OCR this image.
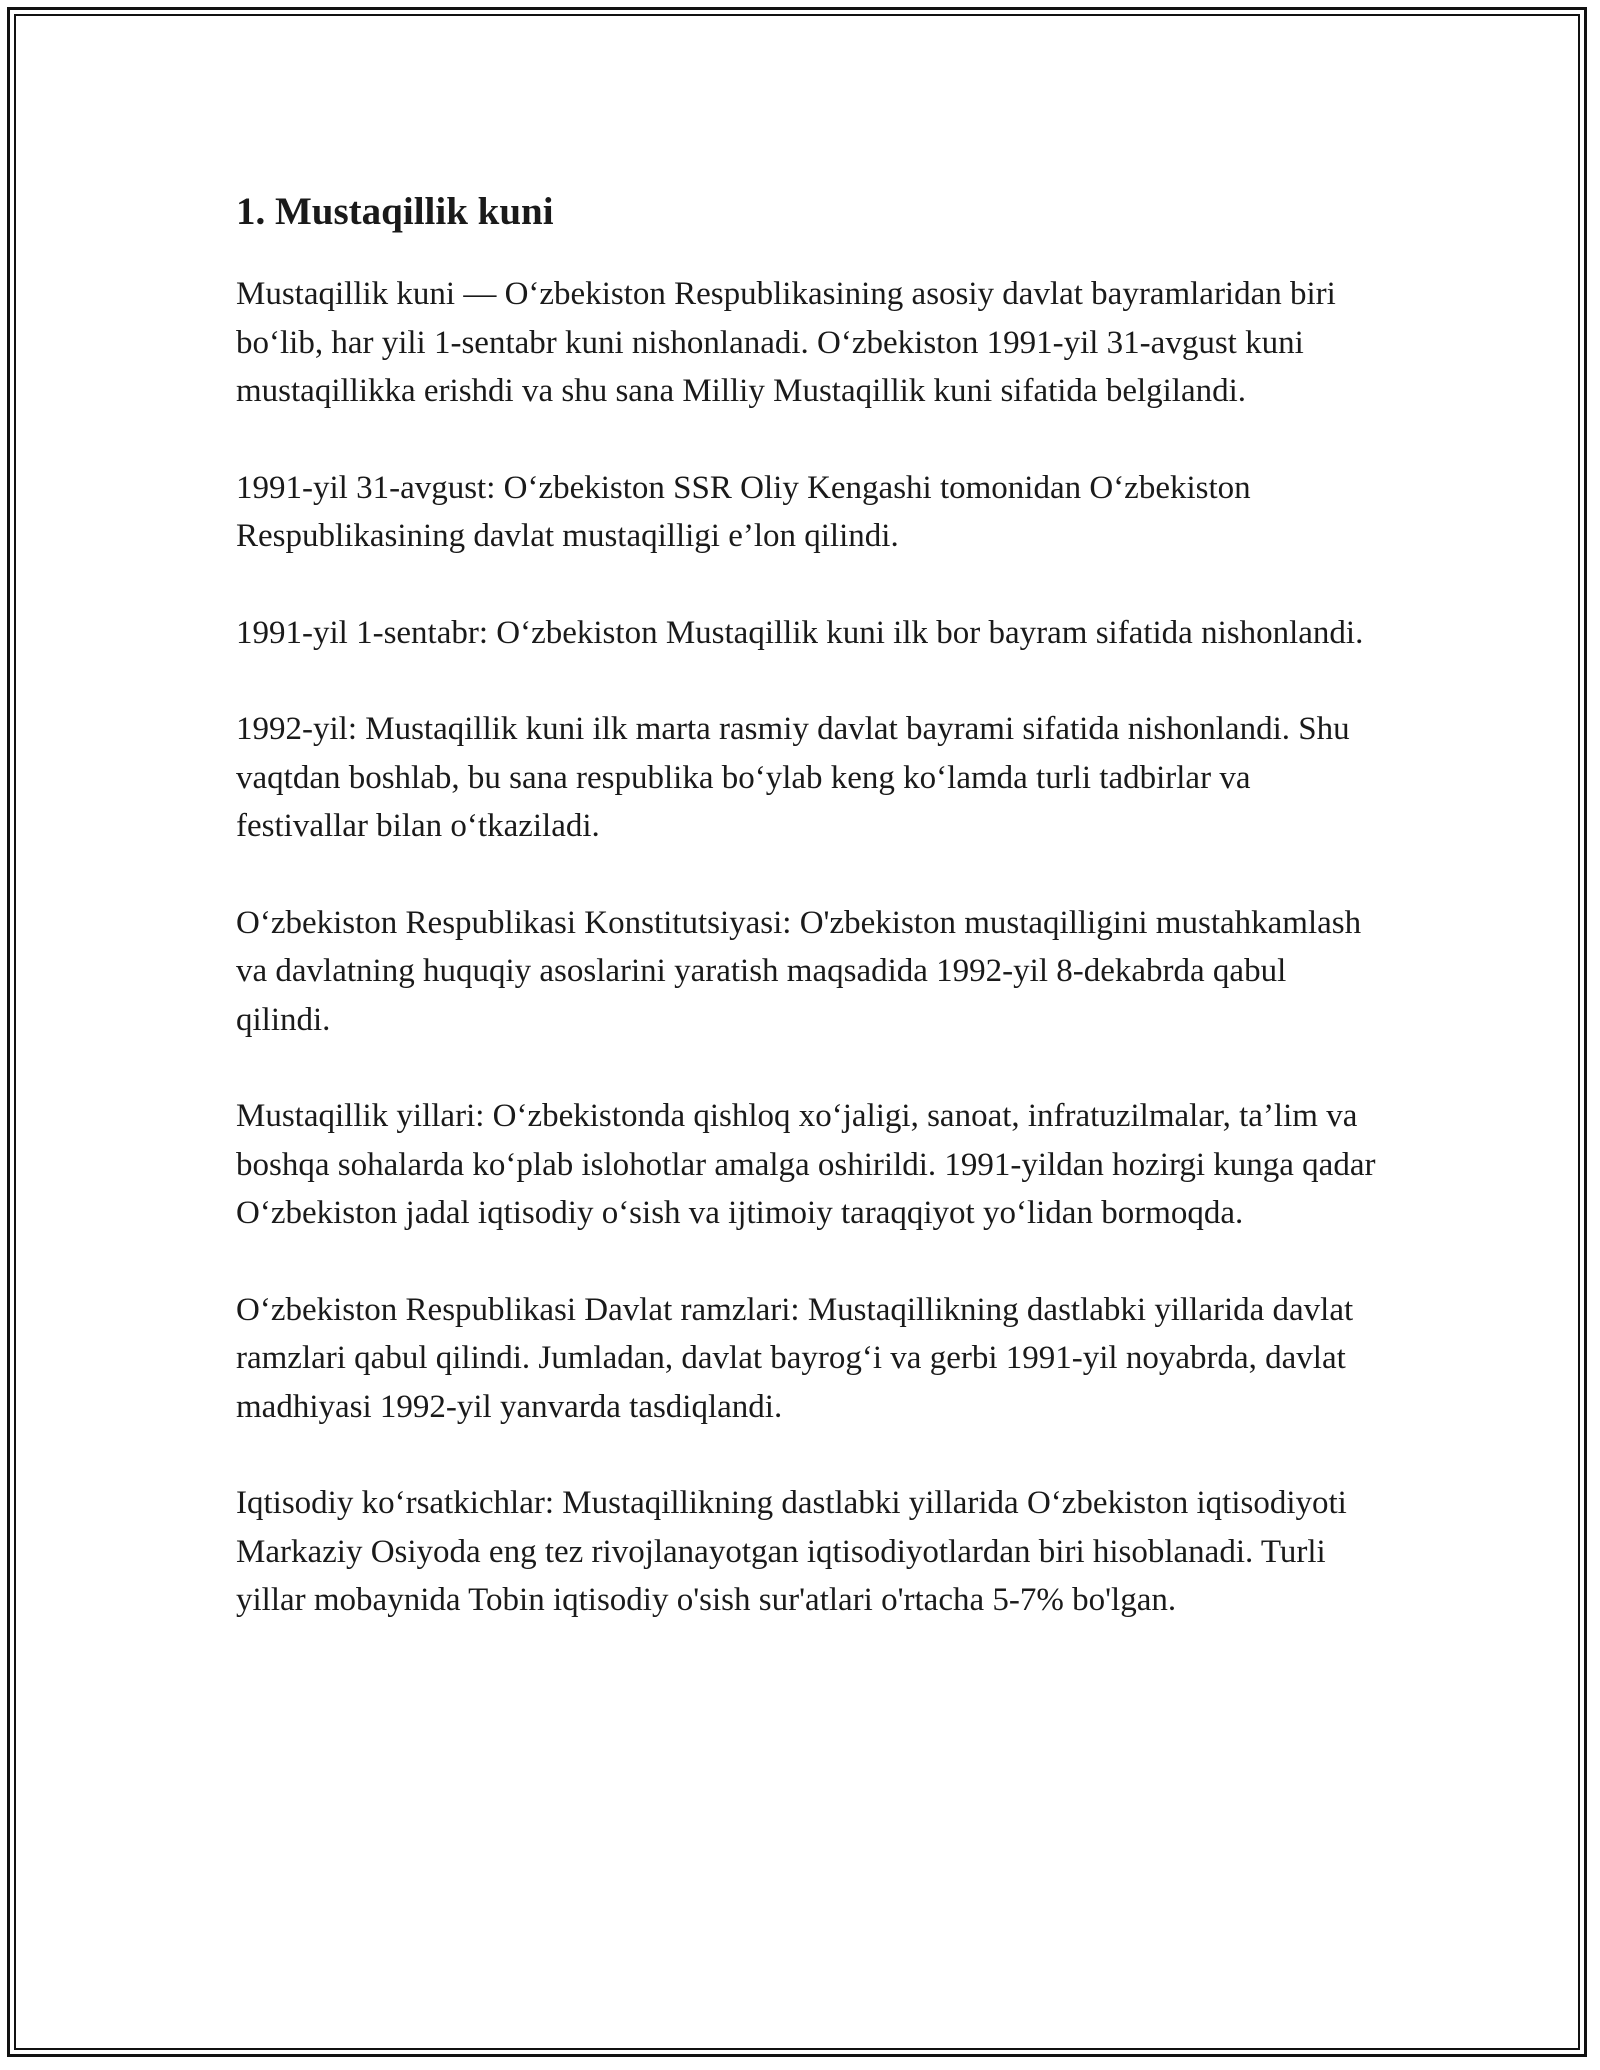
1. Mustaqillik kuni

Mustaqillik kuni — O‘zbekiston Respublikasining asosiy davlat bayramlaridan biri bo‘lib, har yili 1-sentabr kuni nishonlanadi. O‘zbekiston 1991-yil 31-avgust kuni mustaqillikka erishdi va shu sana Milliy Mustaqillik kuni sifatida belgilandi.

1991-yil 31-avgust: O‘zbekiston SSR Oliy Kengashi tomonidan O‘zbekiston Respublikasining davlat mustaqilligi e’lon qilindi.

1991-yil 1-sentabr: O‘zbekiston Mustaqillik kuni ilk bor bayram sifatida nishonlandi.

1992-yil: Mustaqillik kuni ilk marta rasmiy davlat bayrami sifatida nishonlandi. Shu vaqtdan boshlab, bu sana respublika bo‘ylab keng ko‘lamda turli tadbirlar va festivallar bilan o‘tkaziladi.

O‘zbekiston Respublikasi Konstitutsiyasi: O'zbekiston mustaqilligini mustahkamlash va davlatning huquqiy asoslarini yaratish maqsadida 1992-yil 8-dekabrda qabul qilindi.

Mustaqillik yillari: O‘zbekistonda qishloq xo‘jaligi, sanoat, infratuzilmalar, ta’lim va boshqa sohalarda ko‘plab islohotlar amalga oshirildi. 1991-yildan hozirgi kunga qadar O‘zbekiston jadal iqtisodiy o‘sish va ijtimoiy taraqqiyot yo‘lidan bormoqda.

O‘zbekiston Respublikasi Davlat ramzlari: Mustaqillikning dastlabki yillarida davlat ramzlari qabul qilindi. Jumladan, davlat bayrog‘i va gerbi 1991-yil noyabrda, davlat madhiyasi 1992-yil yanvarda tasdiqlandi.

Iqtisodiy ko‘rsatkichlar: Mustaqillikning dastlabki yillarida O‘zbekiston iqtisodiyoti Markaziy Osiyoda eng tez rivojlanayotgan iqtisodiyotlardan biri hisoblanadi. Turli yillar mobaynida Tobin iqtisodiy o'sish sur'atlari o'rtacha 5-7% bo'lgan.
